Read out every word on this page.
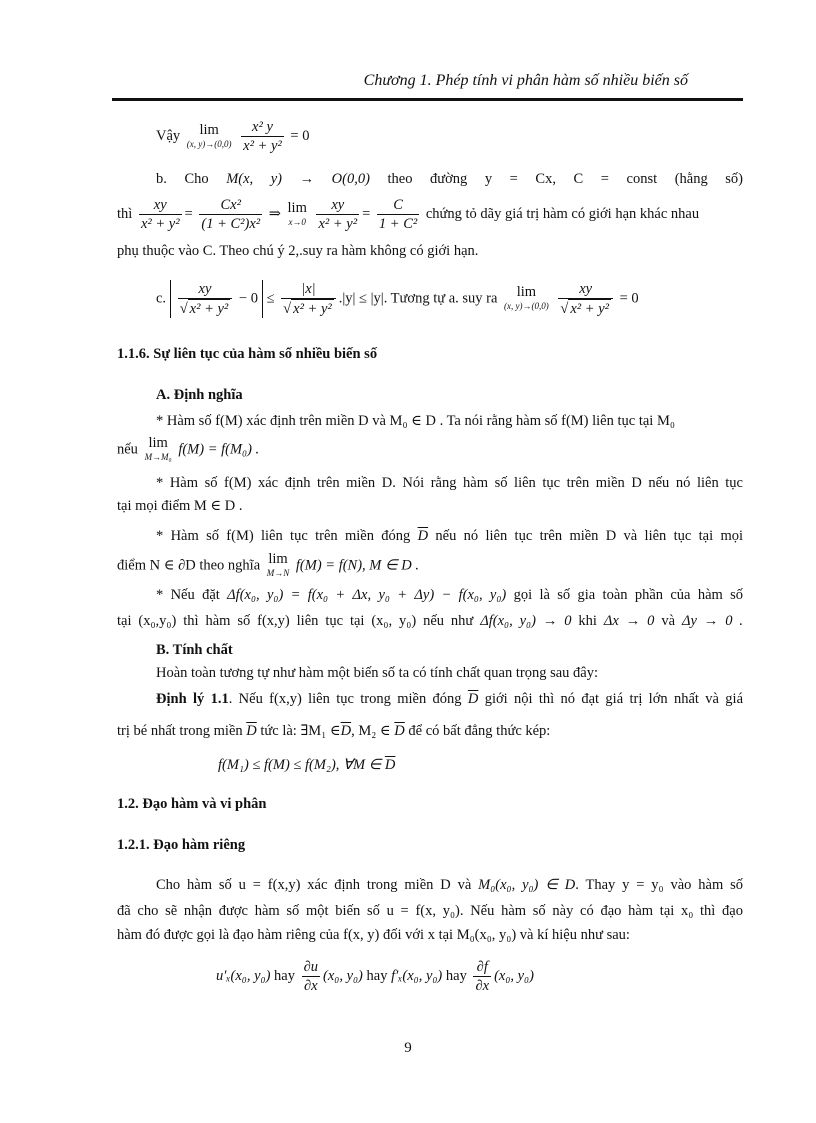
Chương 1. Phép tính vi phân hàm số nhiều biến số
Vậy	lim
(x, y)→(0,0)
$\frac{\text{x² y}}{\text{x² + y²}} = 0$
b. Cho M(x, y) → O(0,0) theo đường y = Cx, C = const (hằng số)
thì $\frac{xy}{\text{x² + y²}} = \frac{\text{Cx²}}{\text{(1 + C²)x²}}$ ⇒ lim
x→0
$\frac{xy}{\text{x² + y²}} = \frac{C}{\text{1 + C²}}$ chứng tỏ dãy giá trị hàm có giới hạn khác nhau
phụ thuộc vào C. Theo chú ý 2,.suy ra hàm không có giới hạn.
c. $\frac{xy}{\text{√ x² + y²}} - 0 \le \frac{|x|}{\text{√ x² + y²}} .|y| \le |y|$. Tương tự a. suy ra	lim
(x, y)→(0,0)
$\frac{xy}{\text{√ x² + y²}} = 0$
1.1.6. Sự liên tục của hàm số nhiều biến số
A. Định nghĩa
* Hàm số f(M) xác định trên miền D và M₀ ∈ D . Ta nói rằng hàm số f(M) liên tục tại M₀
nếu lim
M→M₀ f(M) = f(M₀) .
* Hàm số f(M) xác định trên miền D. Nói rằng hàm số liên tục trên miền D nếu nó liên tục
tại mọi điểm M ∈ D .
* Hàm số f(M) liên tục trên miền đóng $\overline{D}$ nếu nó liên tục trên miền D và liên tục tại mọi
điểm N ∈ ∂D theo nghĩa lim
M→N f(M) = f(N), M ∈ D .
* Nếu đặt Δf(x₀, y₀) = f(x₀ + Δx, y₀ + Δy) − f(x₀, y₀) gọi là số gia toàn phần của hàm số
tại (x₀,y₀) thì hàm số f(x,y) liên tục tại (x₀, y₀) nếu như Δf(x₀, y₀) → 0 khi Δx → 0 và Δy → 0 .
B. Tính chất
Hoàn toàn tương tự như hàm một biến số ta có tính chất quan trọng sau đây:
Định lý 1.1. Nếu f(x,y) liên tục trong miền đóng $\overline{D}$ giới nội thì nó đạt giá trị lớn nhất và giá
trị bé nhất trong miền $\overline{D}$ tức là: ∃M₁ $\in\overline{D}$, M₂ ∈ $\overline{D}$ để có bất đẳng thức kép:
f(M₁) ≤ f(M) ≤ f(M₂), ∀M ∈ $\overline{D}$
1.2. Đạo hàm và vi phân
1.2.1. Đạo hàm riêng
Cho hàm số u = f(x,y) xác định trong miền D và M₀(x₀, y₀) ∈ D. Thay y = y₀ vào hàm số
đã cho sẽ nhận được hàm số một biến số u = f(x, y₀). Nếu hàm số này có đạo hàm tại x₀ thì đạo
hàm đó được gọi là đạo hàm riêng của f(x, y) đối với x tại M₀(x₀, y₀) và kí hiệu như sau:
u′ₓ(x₀, y₀) hay $\frac{\partial u}{\partial x} (x_0$, y₀) hay f′ₓ(x₀, y₀) hay $\frac{\partial f}{\partial x} (x_0$, y₀)
9
